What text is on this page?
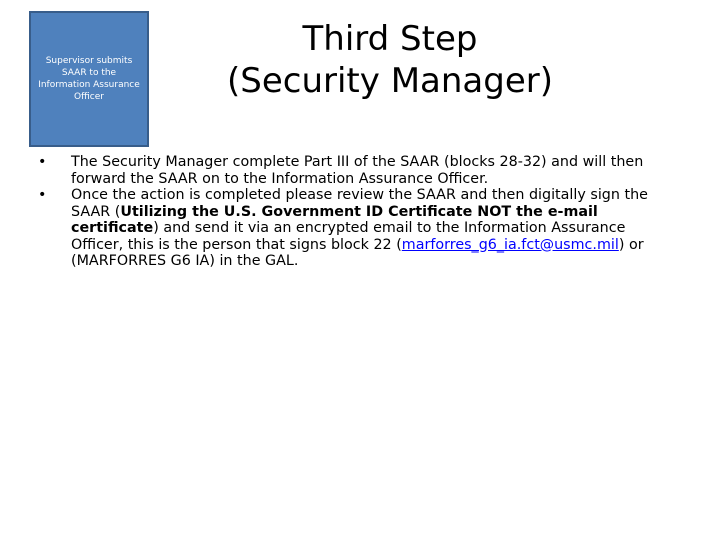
Supervisor submits SAAR to the Information Assurance Officer
Third Step
(Security Manager)
• The Security Manager complete Part III of the SAAR (blocks 28-32) and will then forward the SAAR on to the Information Assurance Officer.
• Once the action is completed please review the SAAR and then digitally sign the SAAR (Utilizing the U.S. Government ID Certificate NOT the e-mail certificate) and send it via an encrypted email to the Information Assurance Officer, this is the person that signs block 22 (marforres_g6_ia.fct@usmc.mil) or (MARFORRES G6 IA) in the GAL.
